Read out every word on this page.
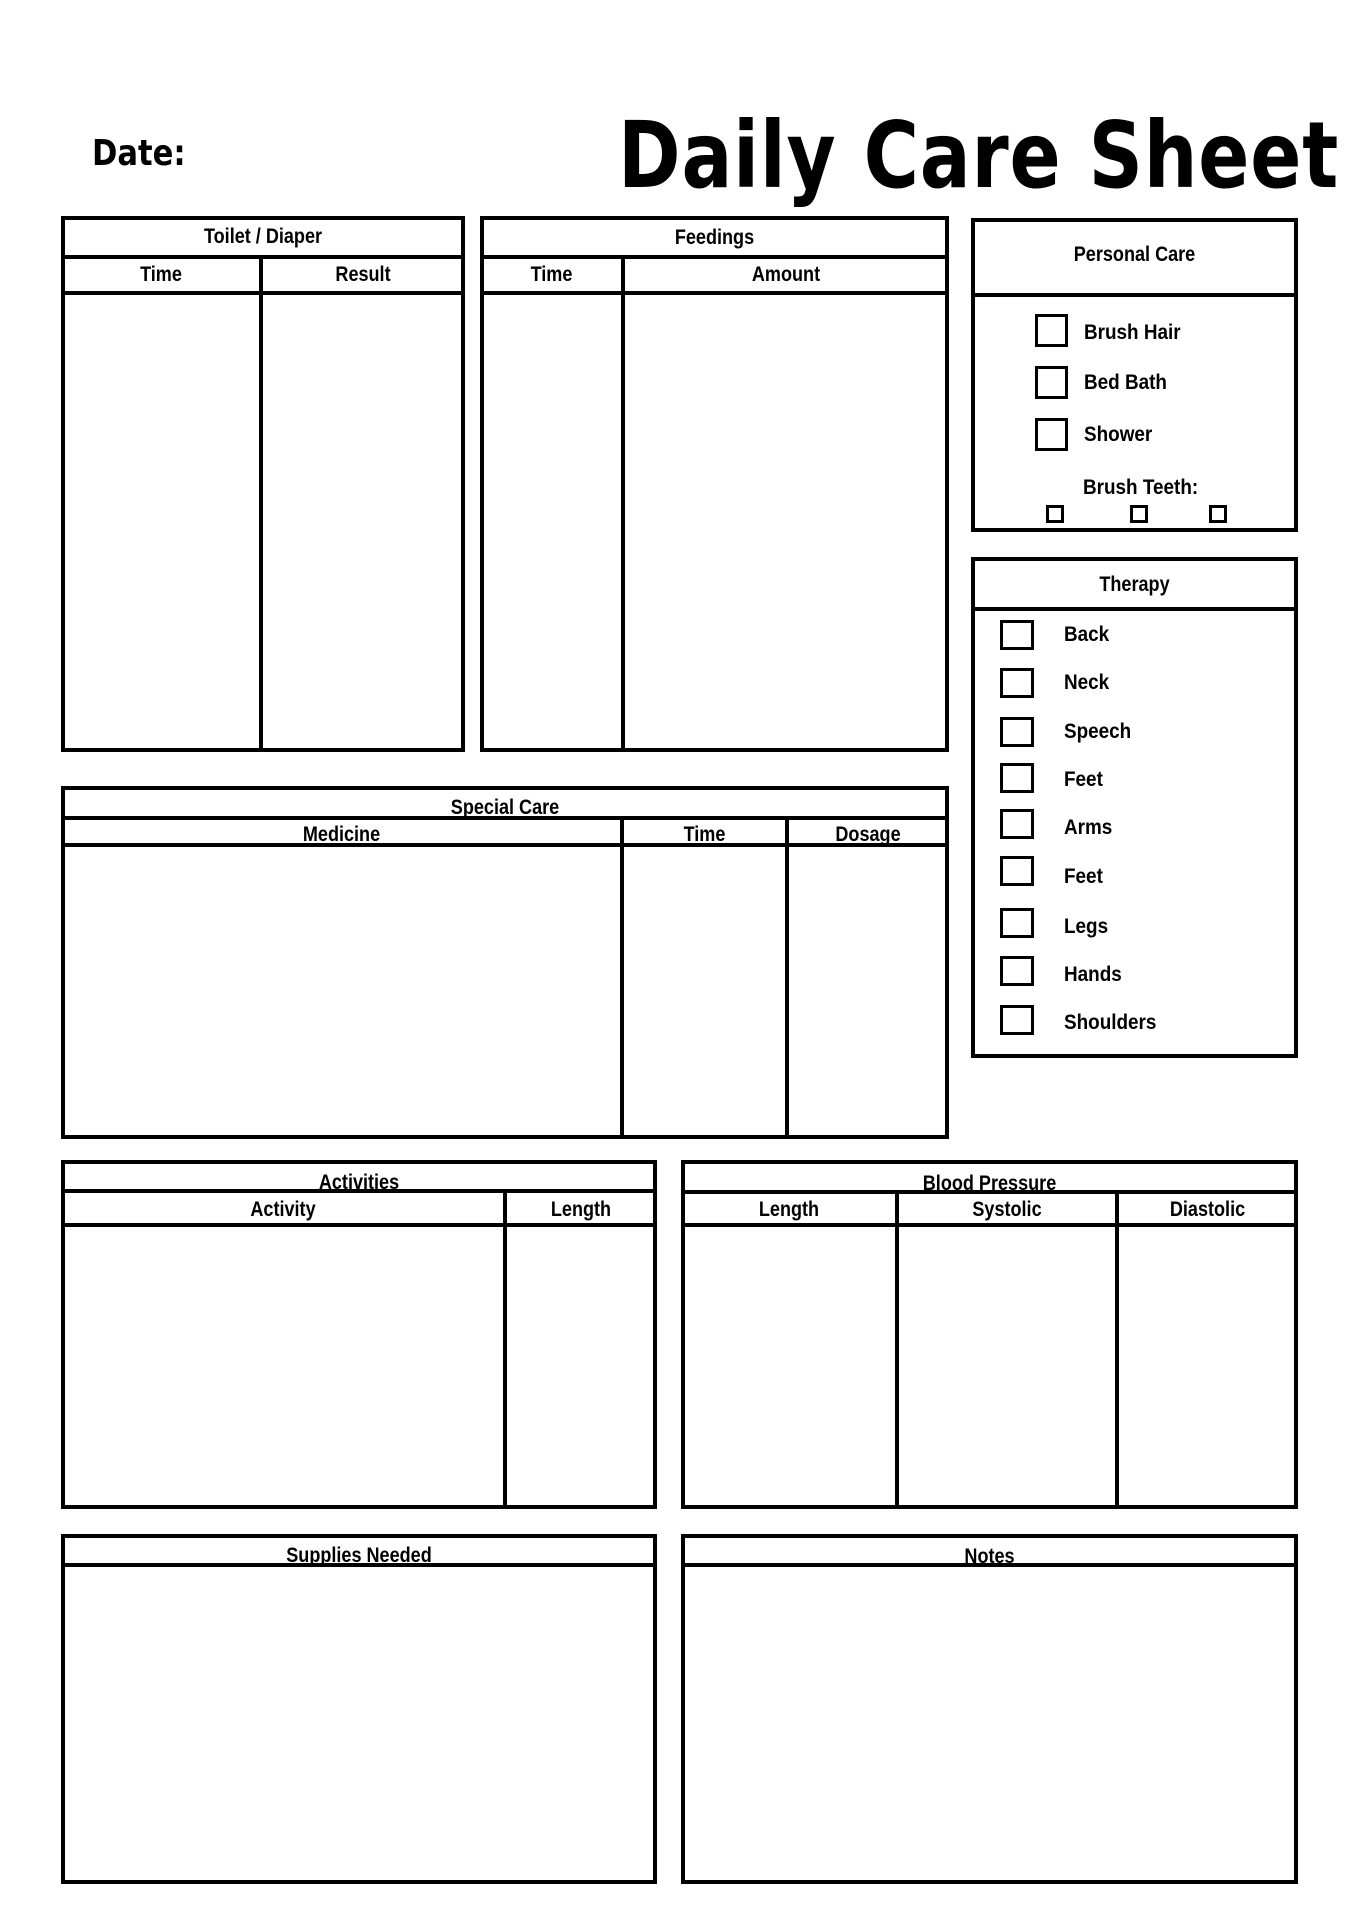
Date:	Daily Care Sheet
Toilet / Diaper
Time	Result
Feedings
Time	Amount
Personal Care
Brush Hair
Bed Bath
Shower
Brush Teeth:
Therapy
Back
Neck
Speech
Feet
Arms
Feet
Legs
Hands
Shoulders
Special Care
Medicine	Time	Dosage
Activities
Activity	Length
Blood Pressure
Length	Systolic	Diastolic
Supplies Needed	Notes
